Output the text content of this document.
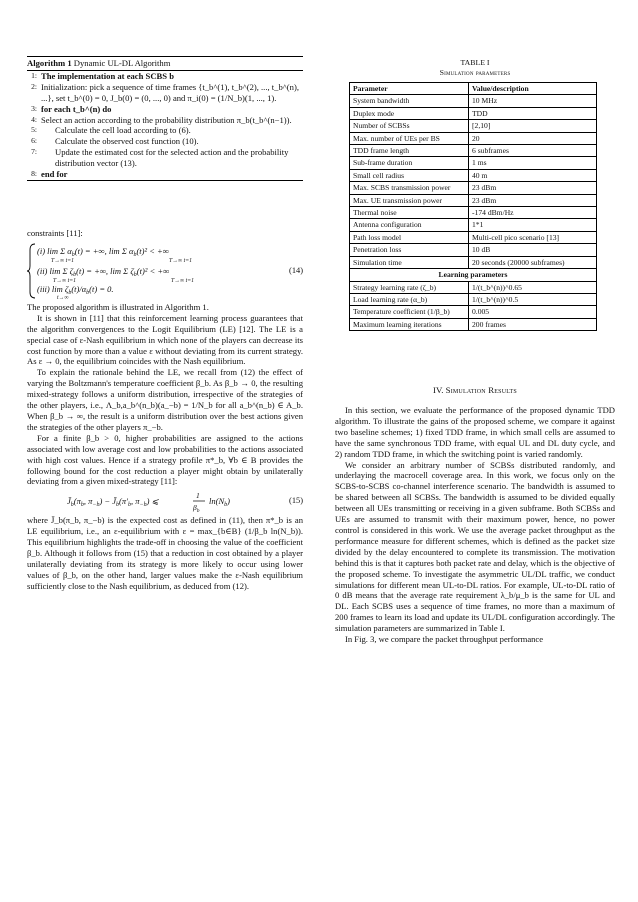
Algorithm 1 Dynamic UL-DL Algorithm
1: The implementation at each SCBS b
2: Initialization: pick a sequence of time frames {t_b^(1), t_b^(2), ..., t_b^(n), ...}, set t_b^(0) = 0, J_b(0) = (0, ..., 0) and π_i(0) = (1/N_b)(1, ..., 1).
3: for each t_b^(n) do
4: Select an action according to the probability distribution π_b(t_b^(n−1)).
5:	Calculate the cell load according to (6).
6:	Calculate the observed cost function (10).
7:	Update the estimated cost for the selected action and the probability distribution vector (13).
8: end for

constraints [11]:

(i) lim Σ $\alpha_b(t)$ = +∞, lim Σ $\alpha_b(t)^2$ < +∞
T→∞ t=1	T→∞ t=1
(ii) lim Σ $\zeta_b(t)$ = +∞, lim Σ $\zeta_b(t)^2$ < +∞
T→∞ t=1	T→∞ t=1
(iii) $\lim \zeta_b(t)/\alpha_b(t) = 0$.
t→∞
(14)

The proposed algorithm is illustrated in Algorithm 1.

It is shown in [11] that this reinforcement learning process guarantees that the algorithm convergences to the Logit Equilibrium (LE) [12]. The LE is a special case of ε-Nash equilibrium in which none of the players can decrease its cost function by more than a value ε without deviating from its current strategy. As ε → 0, the equilibrium coincides with the Nash equilibrium.

To explain the rationale behind the LE, we recall from (12) the effect of varying the Boltzmann's temperature coefficient β_b. As β_b → 0, the resulting mixed-strategy follows a uniform distribution, irrespective of the strategies of the other players, i.e., Λ_b,a_b^(n_b)(a_−b) = 1/N_b for all a_b^(n_b) ∈ A_b. When β_b → ∞, the result is a uniform distribution over the best actions given the strategies of the other players π_−b.

For a finite β_b > 0, higher probabilities are assigned to the actions associated with low average cost and low probabilities to the actions associated with high cost values. Hence if a strategy profile π*_b, ∀b ∈ B provides the following bound for the cost reduction a player might obtain by unilaterally deviating from a given mixed-strategy [11]:

$J̄_b(\pi_b$, $\pi_{-b}$) − $J̄_b(\pi'_b$, $\pi_{-b}$) ⩽
1
$\beta_b$
$\ln(N_b)$	(15)

where J̄_b(π_b, π_−b) is the expected cost as defined in (11), then π*_b is an LE equilibrium, i.e., an ε-equilibrium with ε = max_{b∈B} (1/β_b ln(N_b)). This equilibrium highlights the trade-off in choosing the value of the coefficient β_b. Although it follows from (15) that a reduction in cost obtained by a player unilaterally deviating from its strategy is more likely to occur using lower values of β_b, on the other hand, larger values make the ε-Nash equilibrium sufficiently close to the Nash equilibrium, as deduced from (12).

TABLE I
Simulation parameters
Parameter	Value/description
System bandwidth	10 MHz
Duplex mode	TDD
Number of SCBSs	[2,10]
Max. number of UEs per BS	20
TDD frame length	6 subframes
Sub-frame duration	1 ms
Small cell radius	40 m
Max. SCBS transmission power	23 dBm
Max. UE transmission power	23 dBm
Thermal noise	-174 dBm/Hz
Antenna configuration	1*1
Path loss model	Multi-cell pico scenario [13]
Penetration loss	10 dB
Simulation time	20 seconds (20000 subframes)
Learning parameters	
Strategy learning rate (ζ_b)	1/(t_b^(n))^0.65
Load learning rate (α_b)	1/(t_b^(n))^0.5
Temperature coefficient (1/β_b)	0.005
Maximum learning iterations	200 frames
IV. Simulation Results

In this section, we evaluate the performance of the proposed dynamic TDD algorithm. To illustrate the gains of the proposed scheme, we compare it against two baseline schemes; 1) fixed TDD frame, in which small cells are assumed to have the same synchronous TDD frame, with equal UL and DL duty cycle, and 2) random TDD frame, in which the switching point is varied randomly.

We consider an arbitrary number of SCBSs distributed randomly, and underlaying the macrocell coverage area. In this work, we focus only on the SCBS-to-SCBS co-channel interference scenario. The bandwidth is assumed to be shared between all SCBSs. The bandwidth is assumed to be divided equally between all UEs transmitting or receiving in a given subframe. Both SCBSs and UEs are assumed to transmit with their maximum power, hence, no power control is considered in this work. We use the average packet throughput as the performance measure for different schemes, which is defined as the packet size divided by the delay encountered to complete its transmission. The motivation behind this is that it captures both packet rate and delay, which is the objective of the proposed scheme. To investigate the asymmetric UL/DL traffic, we conduct simulations for different mean UL-to-DL ratios. For example, UL-to-DL ratio of 0 dB means that the average rate requirement λ_b/μ_b is the same for UL and DL. Each SCBS uses a sequence of time frames, no more than a maximum of 200 frames to learn its load and update its UL/DL configuration accordingly. The simulation parameters are summarized in Table I.

In Fig. 3, we compare the packet throughput performance
